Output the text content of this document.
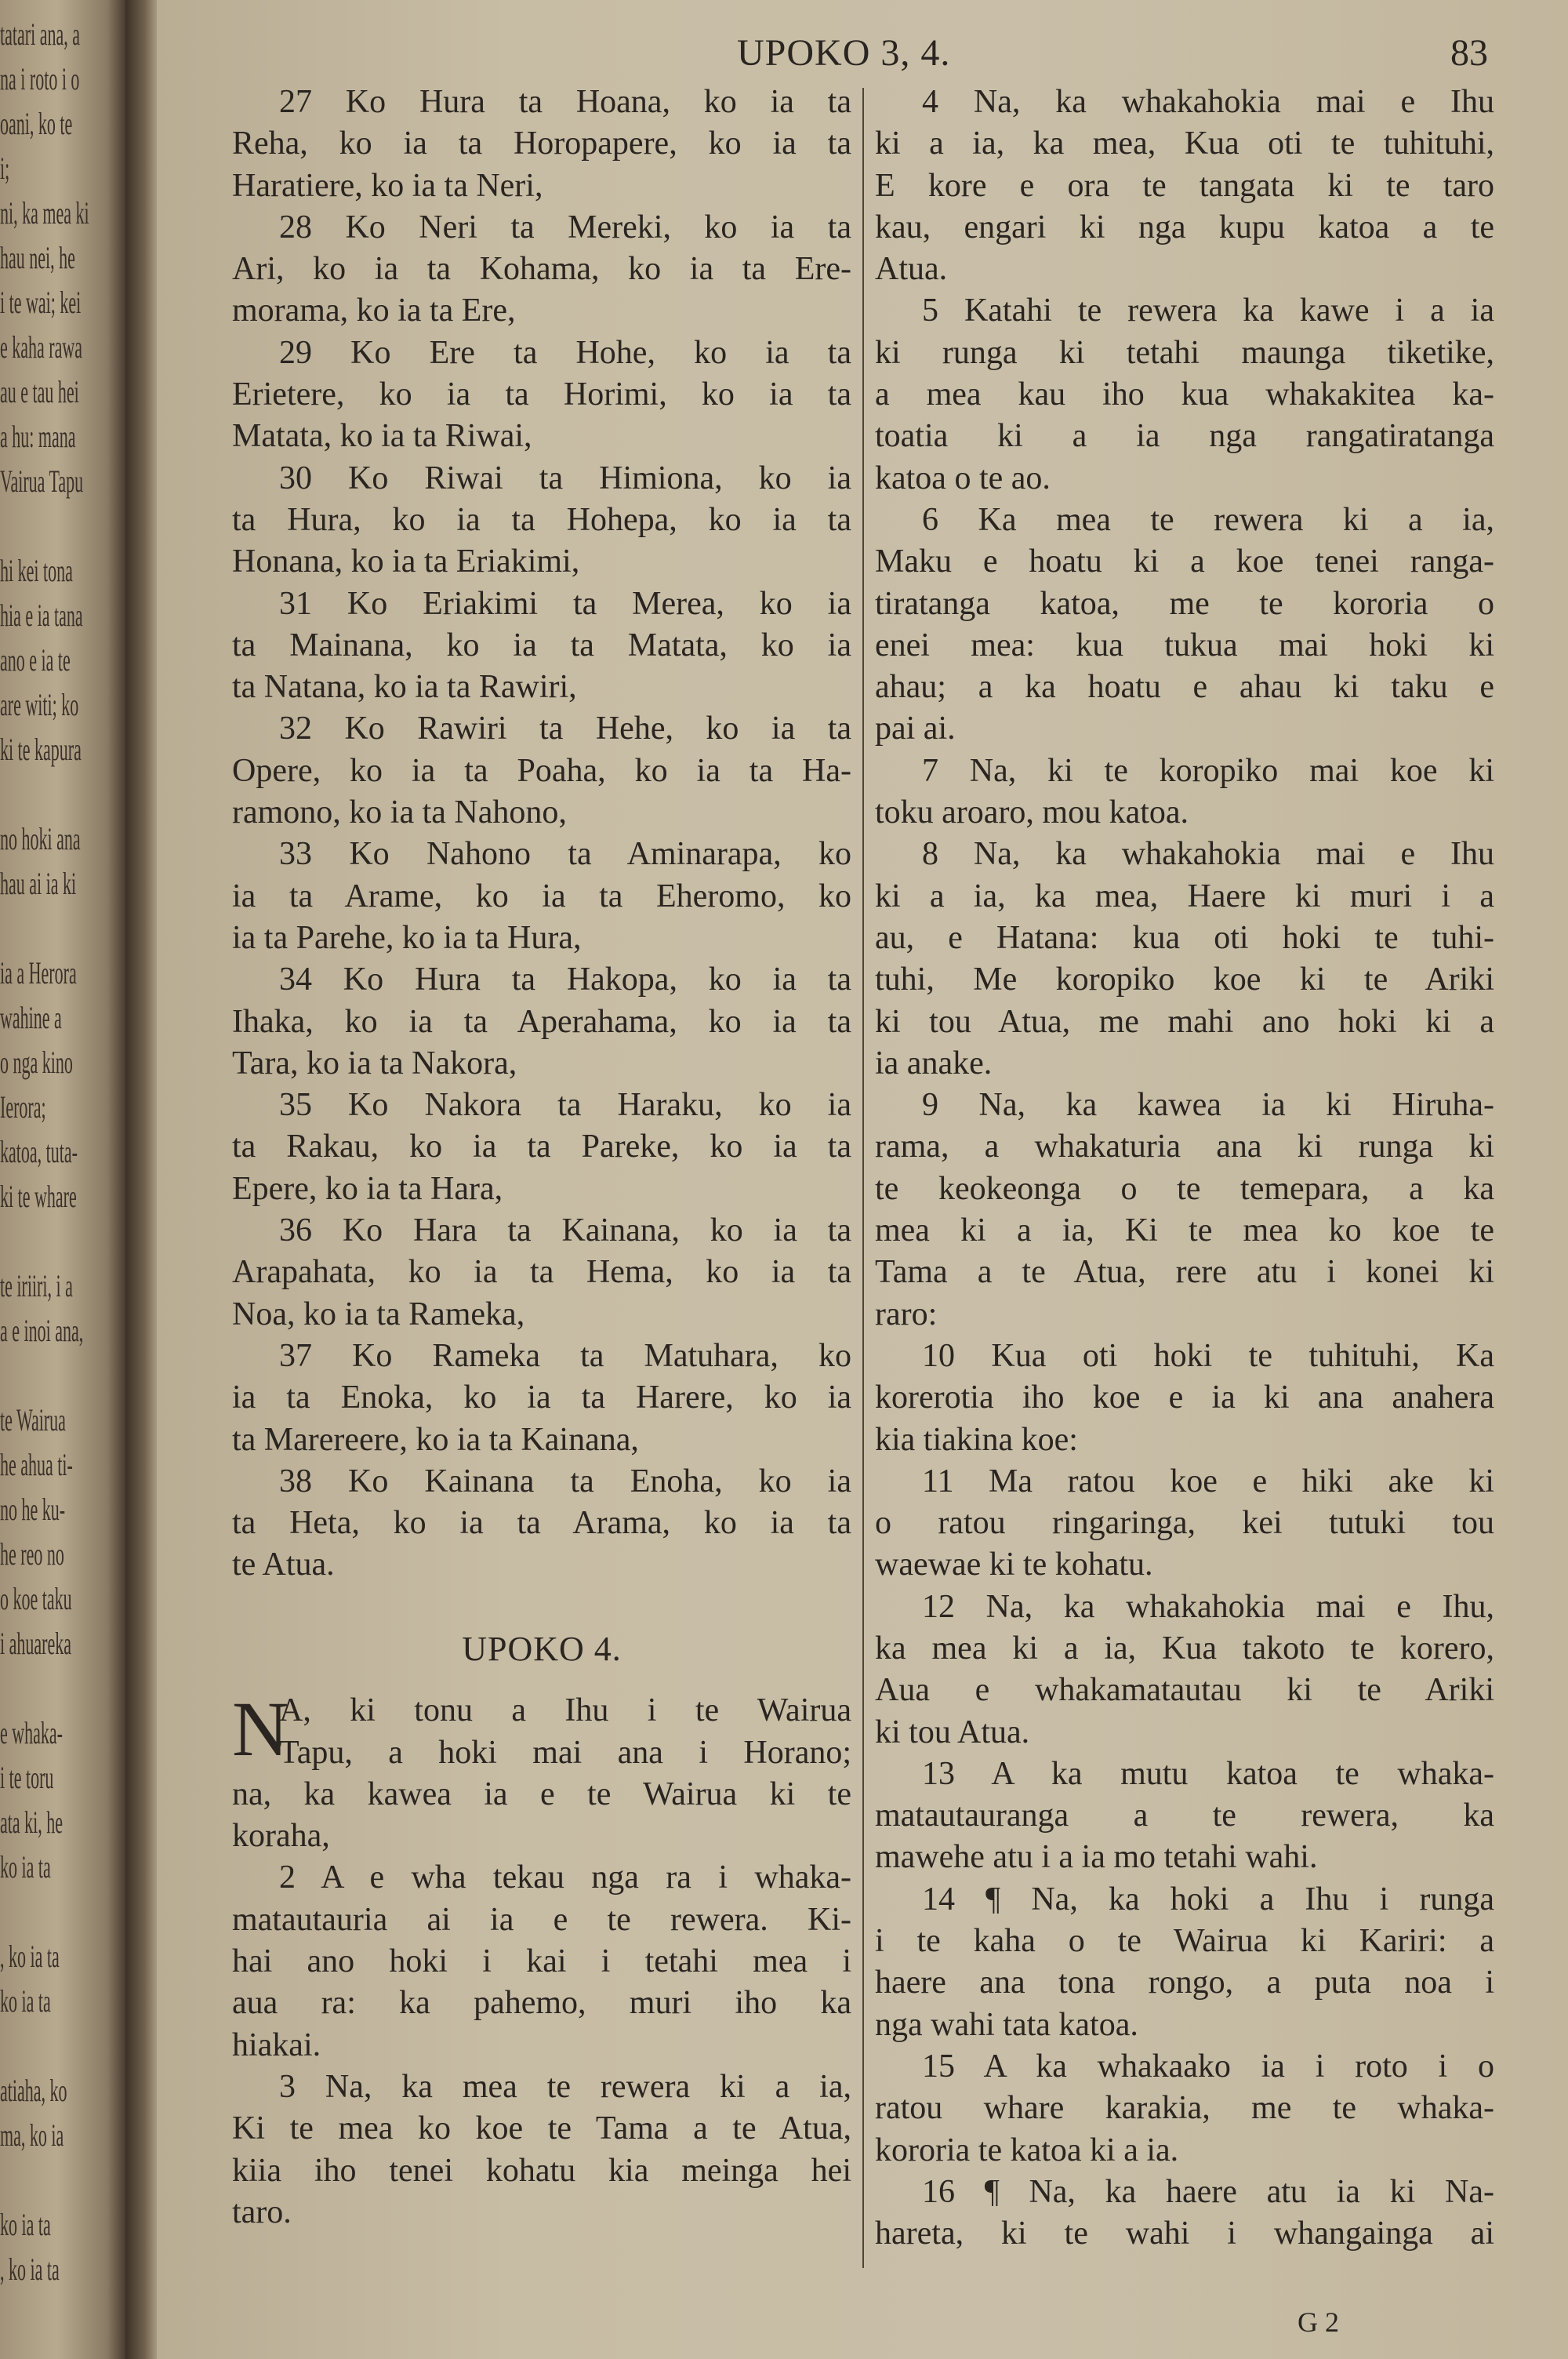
tatari ana, a
na i roto i o
oani, ko te
i;
ni, ka mea ki
hau nei, he
i te wai; kei
e kaha rawa
au e tau hei
a hu: mana
Vairua Tapu
hi kei tona
hia e ia tana
ano e ia te
are witi; ko
ki te kapura
no hoki ana
hau ai ia ki
ia a Herora
wahine a
o nga kino
Ierora;
katoa, tuta-
ki te whare
te iriiri, i a
a e inoi ana,
te Wairua
he ahua ti-
no he ku-
he reo no
o koe taku
i ahuareka
e whaka-
i te toru
ata ki, he
ko ia ta
, ko ia ta
ko ia ta
atiaha, ko
ma, ko ia
ko ia ta
, ko ia ta
UPOKO 3, 4.	83
27 Ko Hura ta Hoana, ko ia ta
Reha, ko ia ta Horopapere, ko ia ta
Haratiere, ko ia ta Neri,
28 Ko Neri ta Mereki, ko ia ta
Ari, ko ia ta Kohama, ko ia ta Ere-
morama, ko ia ta Ere,
29 Ko Ere ta Hohe, ko ia ta
Erietere, ko ia ta Horimi, ko ia ta
Matata, ko ia ta Riwai,
30 Ko Riwai ta Himiona, ko ia
ta Hura, ko ia ta Hohepa, ko ia ta
Honana, ko ia ta Eriakimi,
31 Ko Eriakimi ta Merea, ko ia
ta Mainana, ko ia ta Matata, ko ia
ta Natana, ko ia ta Rawiri,
32 Ko Rawiri ta Hehe, ko ia ta
Opere, ko ia ta Poaha, ko ia ta Ha-
ramono, ko ia ta Nahono,
33 Ko Nahono ta Aminarapa, ko
ia ta Arame, ko ia ta Eheromo, ko
ia ta Parehe, ko ia ta Hura,
34 Ko Hura ta Hakopa, ko ia ta
Ihaka, ko ia ta Aperahama, ko ia ta
Tara, ko ia ta Nakora,
35 Ko Nakora ta Haraku, ko ia
ta Rakau, ko ia ta Pareke, ko ia ta
Epere, ko ia ta Hara,
36 Ko Hara ta Kainana, ko ia ta
Arapahata, ko ia ta Hema, ko ia ta
Noa, ko ia ta Rameka,
37 Ko Rameka ta Matuhara, ko
ia ta Enoka, ko ia ta Harere, ko ia
ta Marereere, ko ia ta Kainana,
38 Ko Kainana ta Enoha, ko ia
ta Heta, ko ia ta Arama, ko ia ta
te Atua.
UPOKO 4.
N
A, ki tonu a Ihu i te Wairua
Tapu, a hoki mai ana i Horano;
na, ka kawea ia e te Wairua ki te
koraha,
2 A e wha tekau nga ra i whaka-
matautauria ai ia e te rewera. Ki-
hai ano hoki i kai i tetahi mea i
aua ra: ka pahemo, muri iho ka
hiakai.
3 Na, ka mea te rewera ki a ia,
Ki te mea ko koe te Tama a te Atua,
kiia iho tenei kohatu kia meinga hei
taro.
4 Na, ka whakahokia mai e Ihu
ki a ia, ka mea, Kua oti te tuhituhi,
E kore e ora te tangata ki te taro
kau, engari ki nga kupu katoa a te
Atua.
5 Katahi te rewera ka kawe i a ia
ki runga ki tetahi maunga tiketike,
a mea kau iho kua whakakitea ka-
toatia ki a ia nga rangatiratanga
katoa o te ao.
6 Ka mea te rewera ki a ia,
Maku e hoatu ki a koe tenei ranga-
tiratanga katoa, me te kororia o
enei mea: kua tukua mai hoki ki
ahau; a ka hoatu e ahau ki taku e
pai ai.
7 Na, ki te koropiko mai koe ki
toku aroaro, mou katoa.
8 Na, ka whakahokia mai e Ihu
ki a ia, ka mea, Haere ki muri i a
au, e Hatana: kua oti hoki te tuhi-
tuhi, Me koropiko koe ki te Ariki
ki tou Atua, me mahi ano hoki ki a
ia anake.
9 Na, ka kawea ia ki Hiruha-
rama, a whakaturia ana ki runga ki
te keokeonga o te temepara, a ka
mea ki a ia, Ki te mea ko koe te
Tama a te Atua, rere atu i konei ki
raro:
10 Kua oti hoki te tuhituhi, Ka
korerotia iho koe e ia ki ana anahera
kia tiakina koe:
11 Ma ratou koe e hiki ake ki
o ratou ringaringa, kei tutuki tou
waewae ki te kohatu.
12 Na, ka whakahokia mai e Ihu,
ka mea ki a ia, Kua takoto te korero,
Aua e whakamatautau ki te Ariki
ki tou Atua.
13 A ka mutu katoa te whaka-
matautauranga a te rewera, ka
mawehe atu i a ia mo tetahi wahi.
14 ¶ Na, ka hoki a Ihu i runga
i te kaha o te Wairua ki Kariri: a
haere ana tona rongo, a puta noa i
nga wahi tata katoa.
15 A ka whakaako ia i roto i o
ratou whare karakia, me te whaka-
kororia te katoa ki a ia.
16 ¶ Na, ka haere atu ia ki Na-
hareta, ki te wahi i whangainga ai
G 2
